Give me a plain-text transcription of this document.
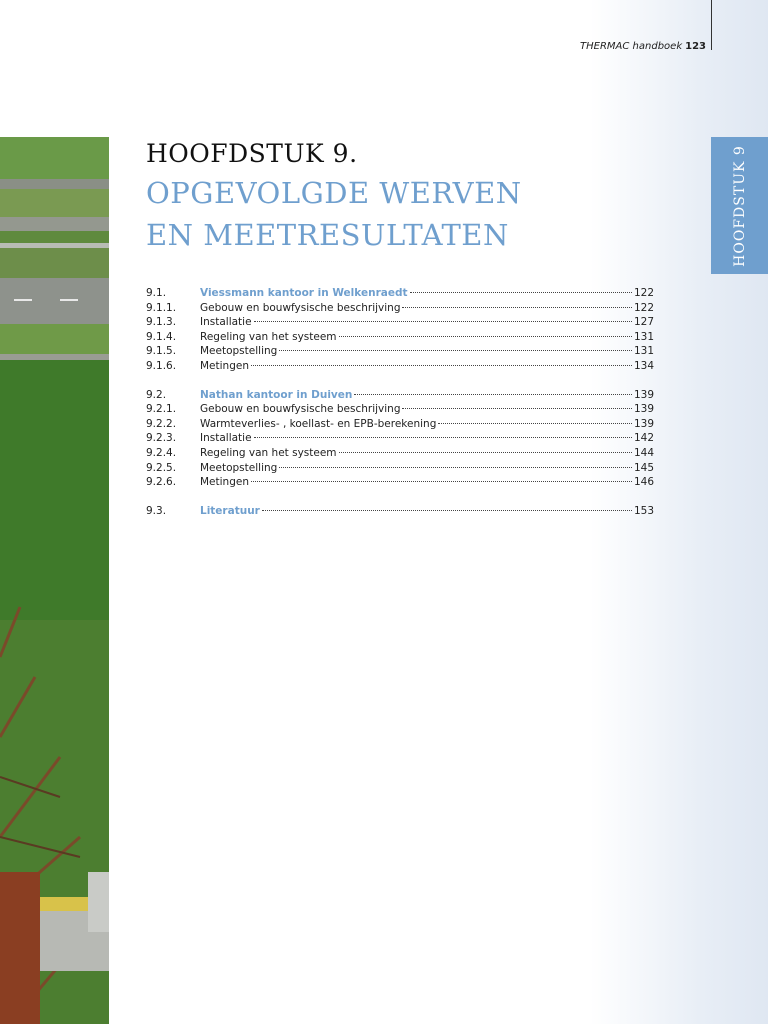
THERMAC handboek 123
HOOFDSTUK 9
HOOFDSTUK 9.
OPGEVOLGDE WERVEN
EN MEETRESULTATEN
9.1.	Viessmann kantoor in Welkenraedt	122
9.1.1.	Gebouw en bouwfysische beschrijving	122
9.1.3.	Installatie	127
9.1.4.	Regeling van het systeem	131
9.1.5.	Meetopstelling	131
9.1.6.	Metingen	134
9.2.	Nathan kantoor in Duiven	139
9.2.1.	Gebouw en bouwfysische beschrijving	139
9.2.2.	Warmteverlies- , koellast- en EPB-berekening	139
9.2.3.	Installatie	142
9.2.4.	Regeling van het systeem	144
9.2.5.	Meetopstelling	145
9.2.6.	Metingen	146
9.3.	Literatuur	153
